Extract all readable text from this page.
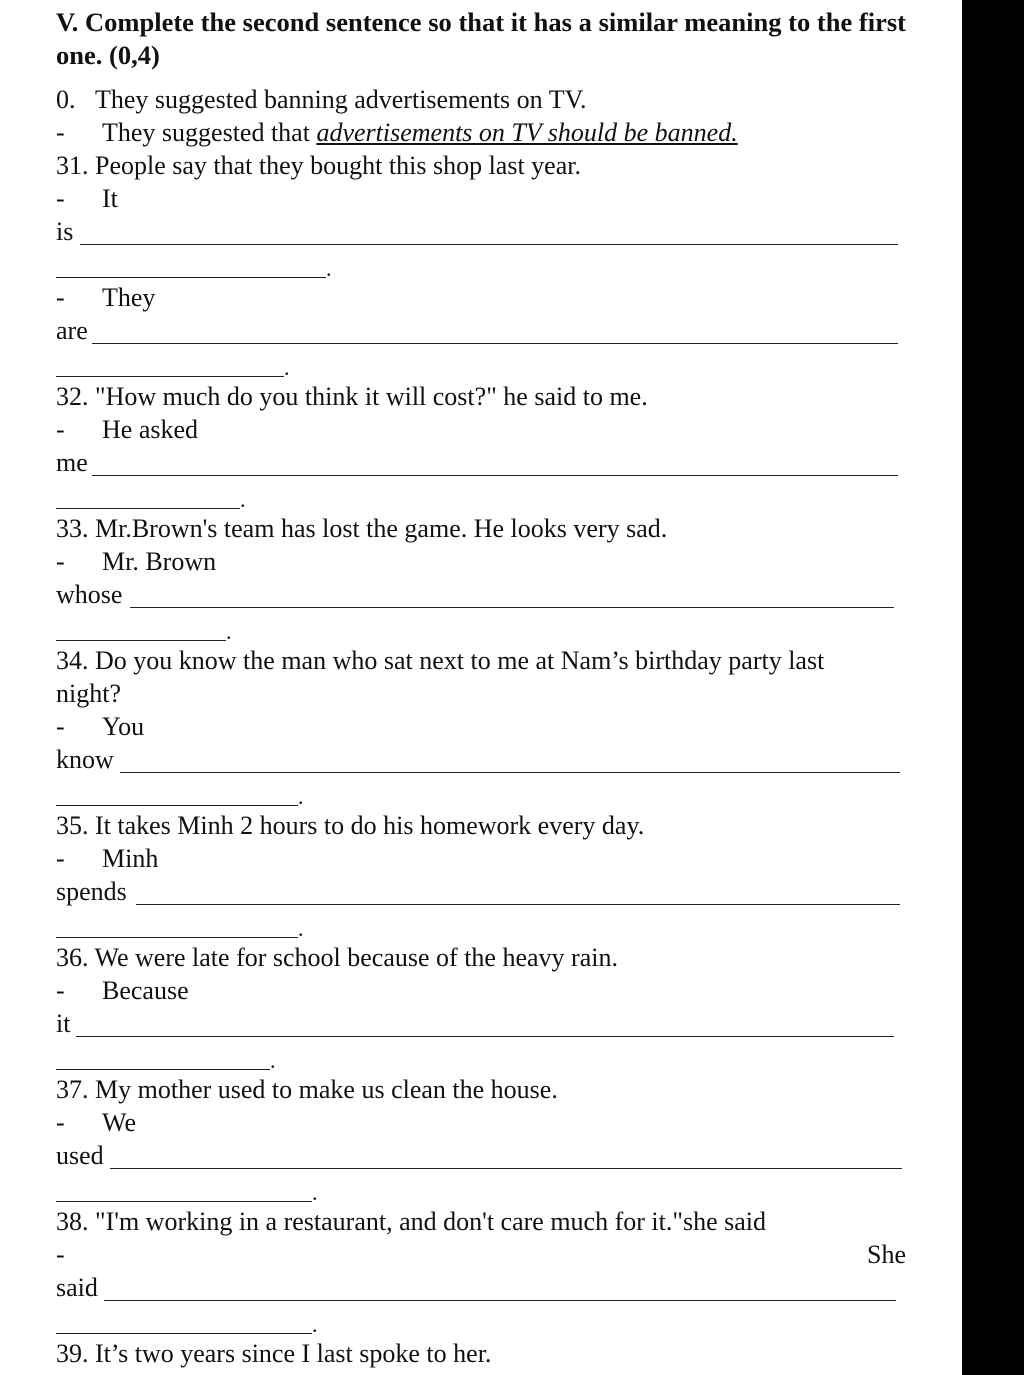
V. Complete the second sentence so that it has a similar meaning to the first one. (0,4)
0. They suggested banning advertisements on TV.
- They suggested that advertisements on TV should be banned.
31. People say that they bought this shop last year.
- It
is
.
- They
are
.
32. "How much do you think it will cost?" he said to me.
- He asked
me
.
33. Mr.Brown's team has lost the game. He looks very sad.
- Mr. Brown
whose
.
34. Do you know the man who sat next to me at Nam’s birthday party last
night?
- You
know
.
35. It takes Minh 2 hours to do his homework every day.
- Minh
spends
.
36. We were late for school because of the heavy rain.
- Because
it
.
37. My mother used to make us clean the house.
- We
used
.
38. "I'm working in a restaurant, and don't care much for it."she said
-	She
said
.
39. It’s two years since I last spoke to her.
